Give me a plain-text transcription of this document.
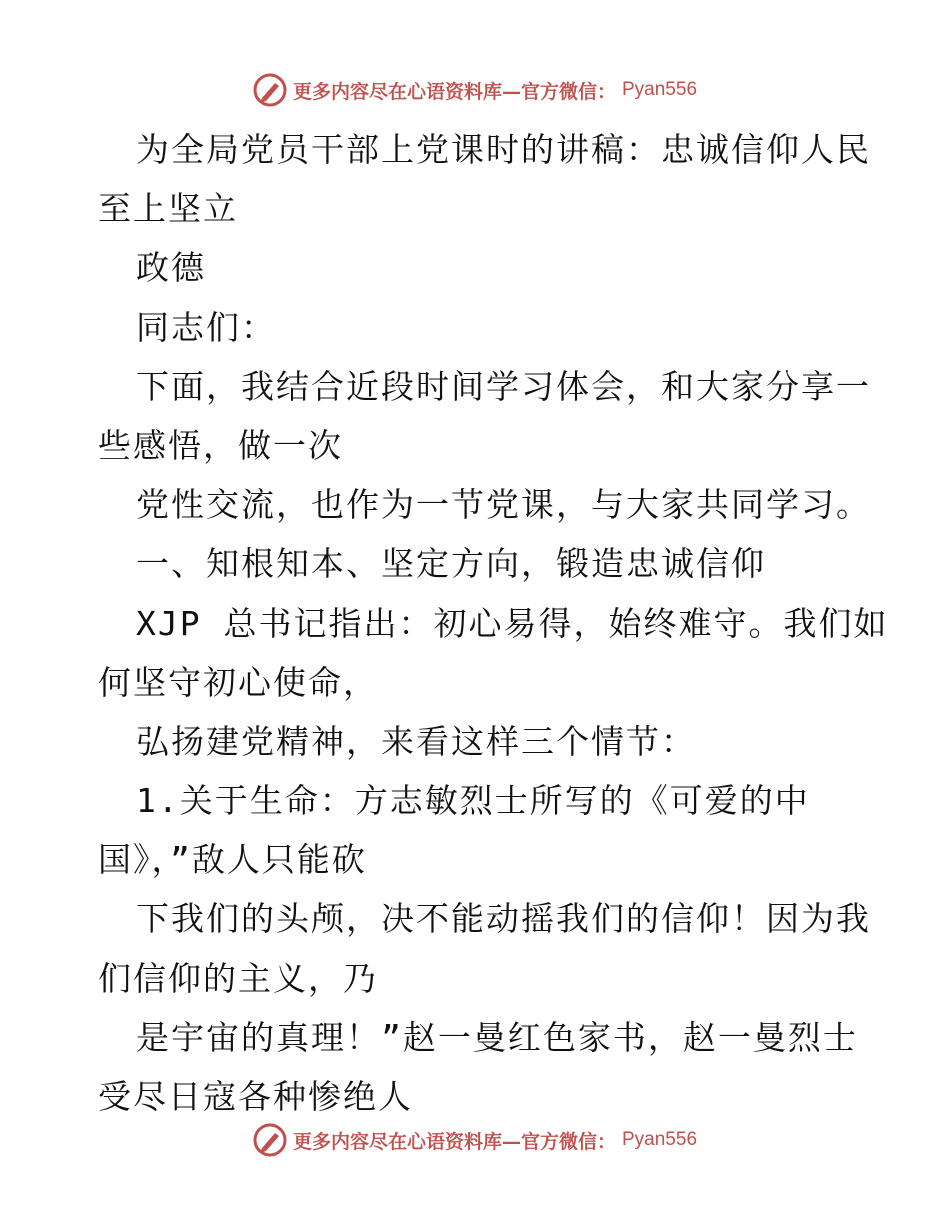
更多内容尽在心语资料库—官方微信： Pyan556
为全局党员干部上党课时的讲稿：忠诚信仰人民
至上坚立
政德
同志们：
下面，我结合近段时间学习体会，和大家分享一
些感悟，做一次
党性交流，也作为一节党课，与大家共同学习。
一、知根知本、坚定方向，锻造忠诚信仰
XJP 总书记指出：初心易得，始终难守。我们如
何坚守初心使命，
弘扬建党精神，来看这样三个情节：
1.关于生命：方志敏烈士所写的《可爱的中
国》，”敌人只能砍
下我们的头颅，决不能动摇我们的信仰！因为我
们信仰的主义，乃
是宇宙的真理！”赵一曼红色家书，赵一曼烈士
受尽日寇各种惨绝人
更多内容尽在心语资料库—官方微信： Pyan556
